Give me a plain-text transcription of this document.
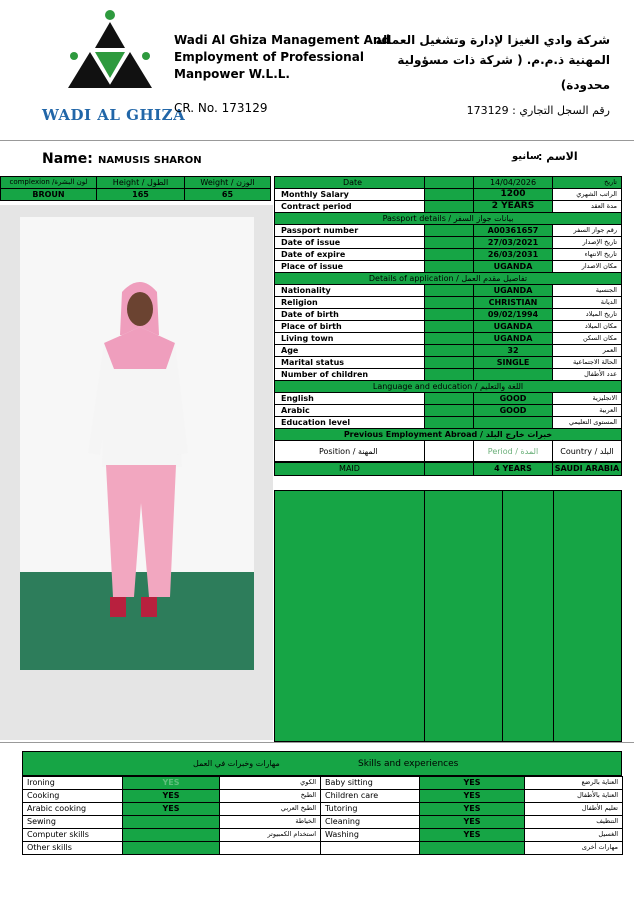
WADI AL GHIZA
Wadi Al Ghiza Management And
Employment of Professional
Manpower W.L.L.
CR. No. 173129
شركة وادي الغيزا لإدارة وتشغيل العمالة
المهنية ذ.م.م. ( شركة ذات مسؤولية
محدودة)
رقم السجل التجاري : 173129
Name: NAMUSIS SHARON	سانيو
الاسم :
complexion /لون البشرة	Height / الطول	Weight / الوزن
BROUN	165	65
Date	14/04/2026	تاريخ
Monthly Salary	1200	الراتب الشهري
Contract period	2 YEARS	مدة العقد
Passport details / بيانات جواز السفر
Passport number	A00361657	رقم جواز السفر
Date of issue	27/03/2021	تاريخ الإصدار
Date of expire	26/03/2031	تاريخ الانتهاء
Place of issue	UGANDA	مكان الاصدار
Details of application / تفاصيل مقدم العمل
Nationality	UGANDA	الجنسية
Religion	CHRISTIAN	الديانة
Date of birth	09/02/1994	تاريخ الميلاد
Place of birth	UGANDA	مكان الميلاد
Living town	UGANDA	مكان السكن
Age	32	العمر
Marital status	SINGLE	الحالة الاجتماعية
Number of children	عدد الأطفال
Language and education / اللغة والتعليم
English	GOOD	الانجليزية
Arabic	GOOD	العربية
Education level	المستوى التعليمي
Previous Employment Abroad / خبرات خارج البلد
Position / المهنة	Period / المدة	Country / البلد
MAID	4 YEARS	SAUDI ARABIA
مهارات وخبرات في العمل	Skills and experiences
Ironing	YES	الكوي	Baby sitting	YES	العناية بالرضع
Cooking	YES	الطبخ	Children care	YES	العناية بالأطفال
Arabic cooking	YES	الطبخ العربي	Tutoring	YES	تعليم الأطفال
Sewing	الخياطة	Cleaning	YES	التنظيف
Computer skills	استخدام الكمبيوتر	Washing	YES	الغسيل
Other skills	مهارات أخرى
